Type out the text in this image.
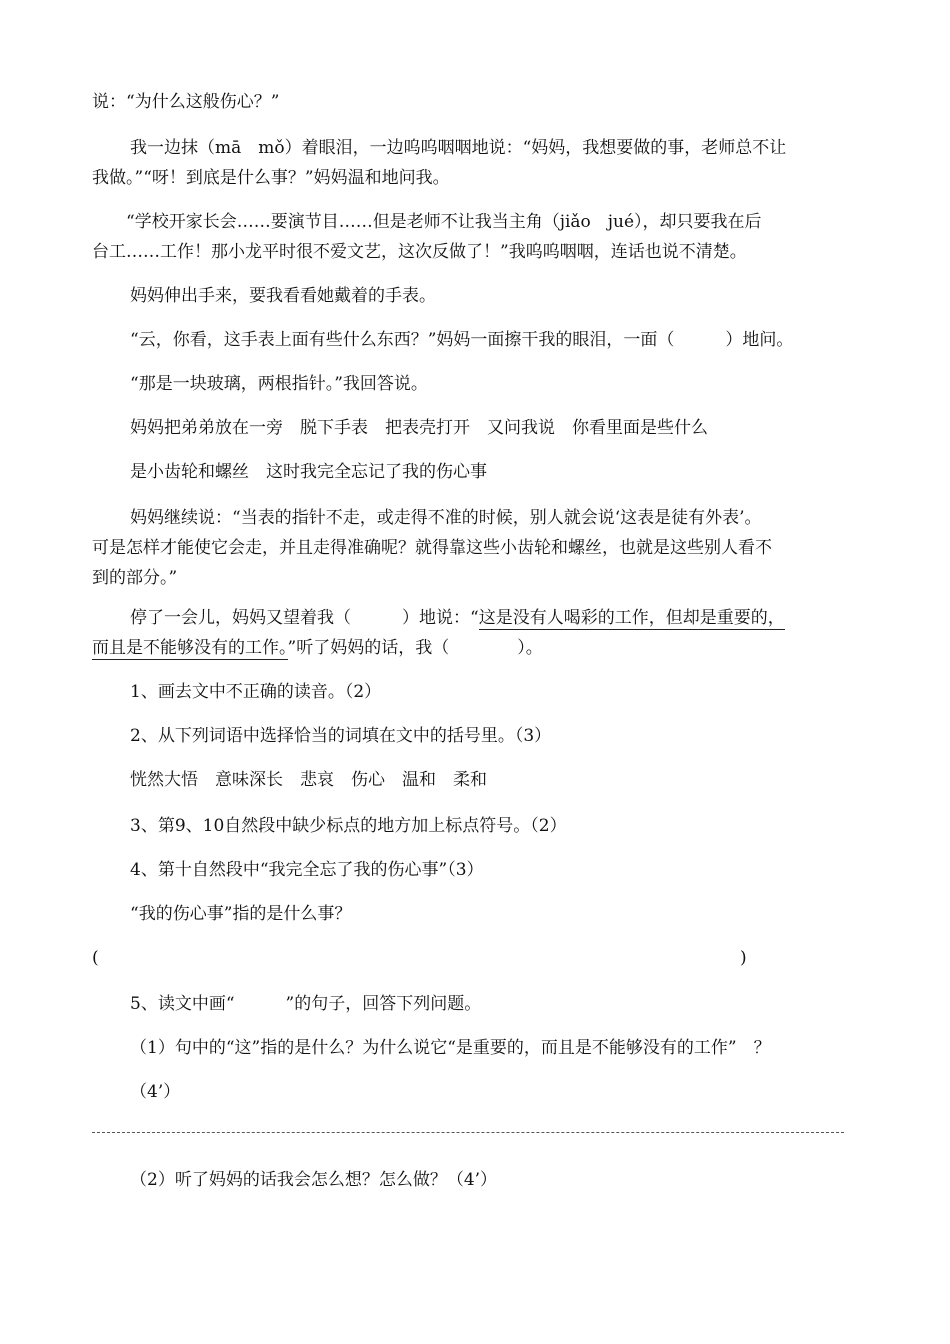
说：“为什么这般伤心？”
我一边抹（mā　mǒ）着眼泪，一边呜呜咽咽地说：“妈妈，我想要做的事，老师总不让
我做。”“呀！到底是什么事？”妈妈温和地问我。
“学校开家长会……要演节目……但是老师不让我当主角（jiǎo　jué），却只要我在后
台工……工作！那小龙平时很不爱文艺，这次反做了！”我呜呜咽咽，连话也说不清楚。
妈妈伸出手来，要我看看她戴着的手表。
“云，你看，这手表上面有些什么东西？”妈妈一面擦干我的眼泪，一面（　　　）地问。
“那是一块玻璃，两根指针。”我回答说。
妈妈把弟弟放在一旁　脱下手表　把表壳打开　又问我说　你看里面是些什么
是小齿轮和螺丝　这时我完全忘记了我的伤心事
妈妈继续说：“当表的指针不走，或走得不准的时候，别人就会说‘这表是徒有外表’。
可是怎样才能使它会走，并且走得准确呢？就得靠这些小齿轮和螺丝，也就是这些别人看不
到的部分。”
停了一会儿，妈妈又望着我（　　　）地说：“这是没有人喝彩的工作，但却是重要的，
而且是不能够没有的工作。”听了妈妈的话，我（　　　　）。
1、画去文中不正确的读音。（2）
2、从下列词语中选择恰当的词填在文中的括号里。（3）
恍然大悟　意味深长　悲哀　伤心　温和　柔和
3、第9、10自然段中缺少标点的地方加上标点符号。（2）
4、第十自然段中“我完全忘了我的伤心事”（3）
“我的伤心事”指的是什么事？
(	)
5、读文中画“　　　”的句子，回答下列问题。
（1）句中的“这”指的是什么？为什么说它“是重要的，而且是不能够没有的工作”　？
（4’）
（2）听了妈妈的话我会怎么想？怎么做？（4’）
